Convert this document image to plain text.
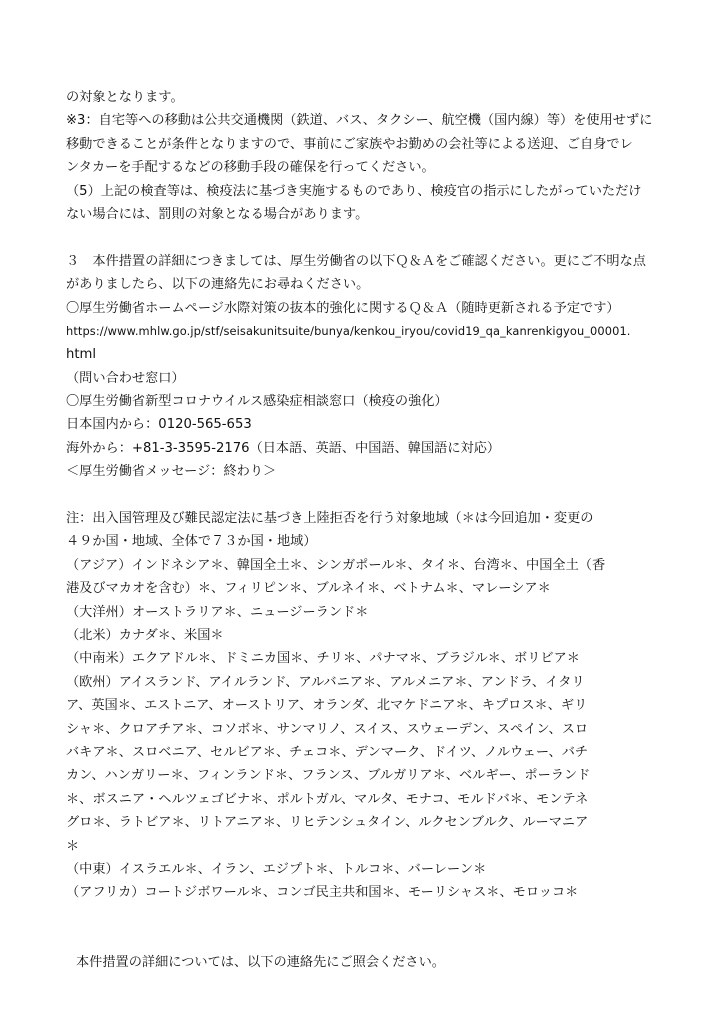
の対象となります。
※3：自宅等への移動は公共交通機関（鉄道、バス、タクシー、航空機（国内線）等）を使用せずに
移動できることが条件となりますので、事前にご家族やお勤めの会社等による送迎、ご自身でレ
ンタカーを手配するなどの移動手段の確保を行ってください。
（5）上記の検査等は、検疫法に基づき実施するものであり、検疫官の指示にしたがっていただけ
ない場合には、罰則の対象となる場合があります。
３　本件措置の詳細につきましては、厚生労働省の以下Ｑ＆Ａをご確認ください。更にご不明な点
がありましたら、以下の連絡先にお尋ねください。
〇厚生労働省ホームページ水際対策の抜本的強化に関するＱ＆Ａ（随時更新される予定です）
https://www.mhlw.go.jp/stf/seisakunitsuite/bunya/kenkou_iryou/covid19_qa_kanrenkigyou_00001.
html
（問い合わせ窓口）
〇厚生労働省新型コロナウイルス感染症相談窓口（検疫の強化）
日本国内から：0120-565-653
海外から：+81-3-3595-2176（日本語、英語、中国語、韓国語に対応）
＜厚生労働省メッセージ：終わり＞
注：出入国管理及び難民認定法に基づき上陸拒否を行う対象地域（＊は今回追加・変更の
４９か国・地域、全体で７３か国・地域）
（アジア）インドネシア＊、韓国全土＊、シンガポール＊、タイ＊、台湾＊、中国全土（香
港及びマカオを含む）＊、フィリピン＊、ブルネイ＊、ベトナム＊、マレーシア＊
（大洋州）オーストラリア＊、ニュージーランド＊
（北米）カナダ＊、米国＊
（中南米）エクアドル＊、ドミニカ国＊、チリ＊、パナマ＊、ブラジル＊、ボリビア＊
（欧州）アイスランド、アイルランド、アルバニア＊、アルメニア＊、アンドラ、イタリ
ア、英国＊、エストニア、オーストリア、オランダ、北マケドニア＊、キプロス＊、ギリ
シャ＊、クロアチア＊、コソボ＊、サンマリノ、スイス、スウェーデン、スペイン、スロ
バキア＊、スロベニア、セルビア＊、チェコ＊、デンマーク、ドイツ、ノルウェー、バチ
カン、ハンガリー＊、フィンランド＊、フランス、ブルガリア＊、ベルギー、ポーランド
＊、ボスニア・ヘルツェゴビナ＊、ポルトガル、マルタ、モナコ、モルドバ＊、モンテネ
グロ＊、ラトビア＊、リトアニア＊、リヒテンシュタイン、ルクセンブルク、ルーマニア
＊
（中東）イスラエル＊、イラン、エジプト＊、トルコ＊、バーレーン＊
（アフリカ）コートジボワール＊、コンゴ民主共和国＊、モーリシャス＊、モロッコ＊
本件措置の詳細については、以下の連絡先にご照会ください。
